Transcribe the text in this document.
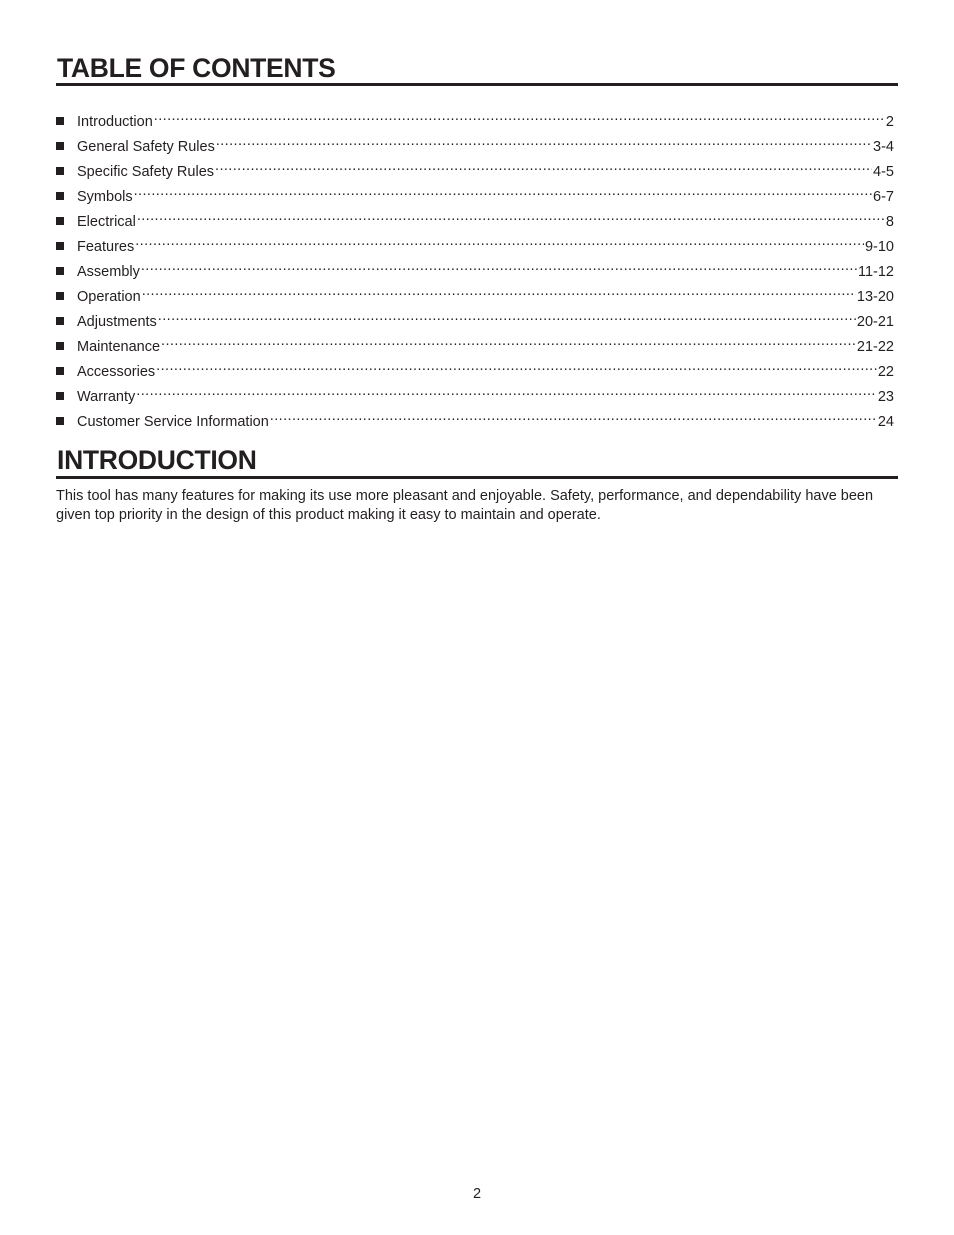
TABLE OF CONTENTS
Introduction .....	2
General Safety Rules .....	3-4
Specific Safety Rules .....	4-5
Symbols .....	6-7
Electrical .....	8
Features .....	9-10
Assembly .....	11-12
Operation .....	13-20
Adjustments .....	20-21
Maintenance .....	21-22
Accessories .....	22
Warranty .....	23
Customer Service Information .....	24
INTRODUCTION

This tool has many features for making its use more pleasant and enjoyable. Safety, performance, and dependability have been given top priority in the design of this product making it easy to maintain and operate.

2
